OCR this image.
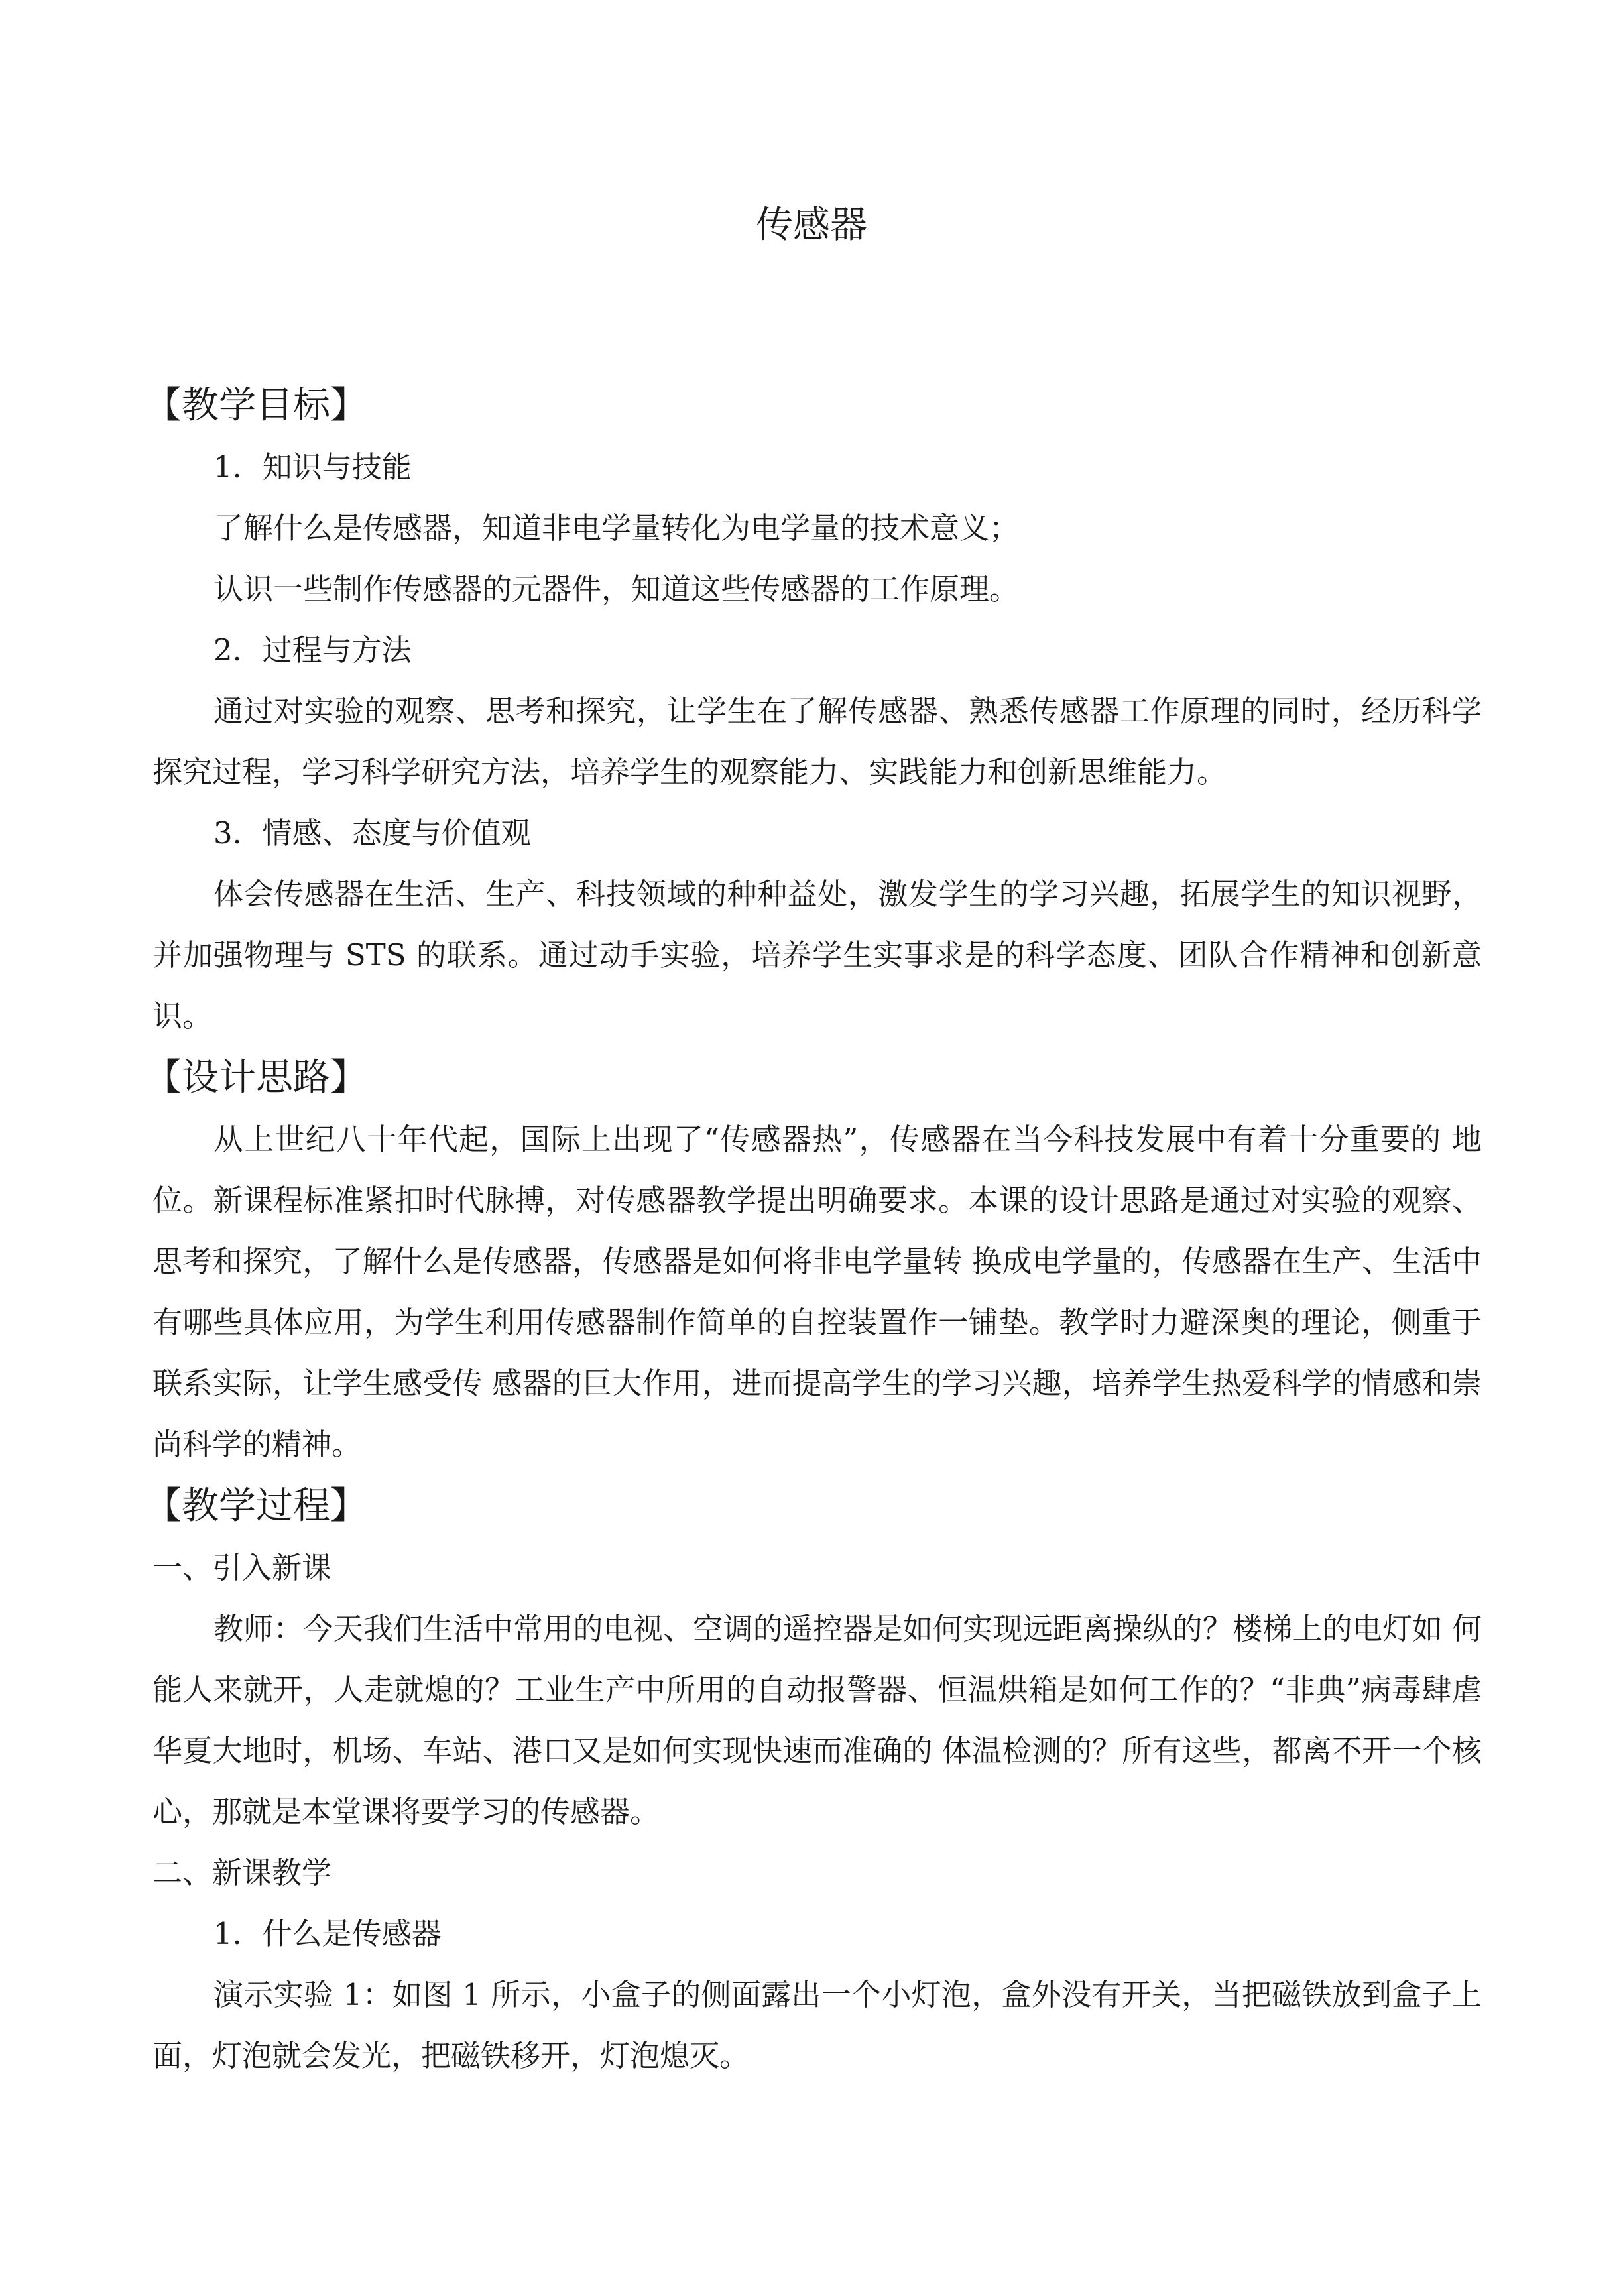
传感器
【教学目标】
1．知识与技能
了解什么是传感器，知道非电学量转化为电学量的技术意义；
认识一些制作传感器的元器件，知道这些传感器的工作原理。
2．过程与方法
通过对实验的观察、思考和探究，让学生在了解传感器、熟悉传感器工作原理的同时，经历科学探究过程，学习科学研究方法，培养学生的观察能力、实践能力和创新思维能力。
3．情感、态度与价值观
体会传感器在生活、生产、科技领域的种种益处，激发学生的学习兴趣，拓展学生的知识视野，并加强物理与 STS 的联系。通过动手实验，培养学生实事求是的科学态度、团队合作精神和创新意识。
【设计思路】
从上世纪八十年代起，国际上出现了“传感器热”，传感器在当今科技发展中有着十分重要的 地位。新课程标准紧扣时代脉搏，对传感器教学提出明确要求。本课的设计思路是通过对实验的观察、思考和探究，了解什么是传感器，传感器是如何将非电学量转 换成电学量的，传感器在生产、生活中有哪些具体应用，为学生利用传感器制作简单的自控装置作一铺垫。教学时力避深奥的理论，侧重于联系实际，让学生感受传 感器的巨大作用，进而提高学生的学习兴趣，培养学生热爱科学的情感和崇尚科学的精神。
【教学过程】
一、引入新课
教师：今天我们生活中常用的电视、空调的遥控器是如何实现远距离操纵的？楼梯上的电灯如 何能人来就开，人走就熄的？工业生产中所用的自动报警器、恒温烘箱是如何工作的？“非典”病毒肆虐华夏大地时，机场、车站、港口又是如何实现快速而准确的 体温检测的？所有这些，都离不开一个核心，那就是本堂课将要学习的传感器。
二、新课教学
1．什么是传感器
演示实验 1：如图 1 所示，小盒子的侧面露出一个小灯泡，盒外没有开关，当把磁铁放到盒子上面，灯泡就会发光，把磁铁移开，灯泡熄灭。
